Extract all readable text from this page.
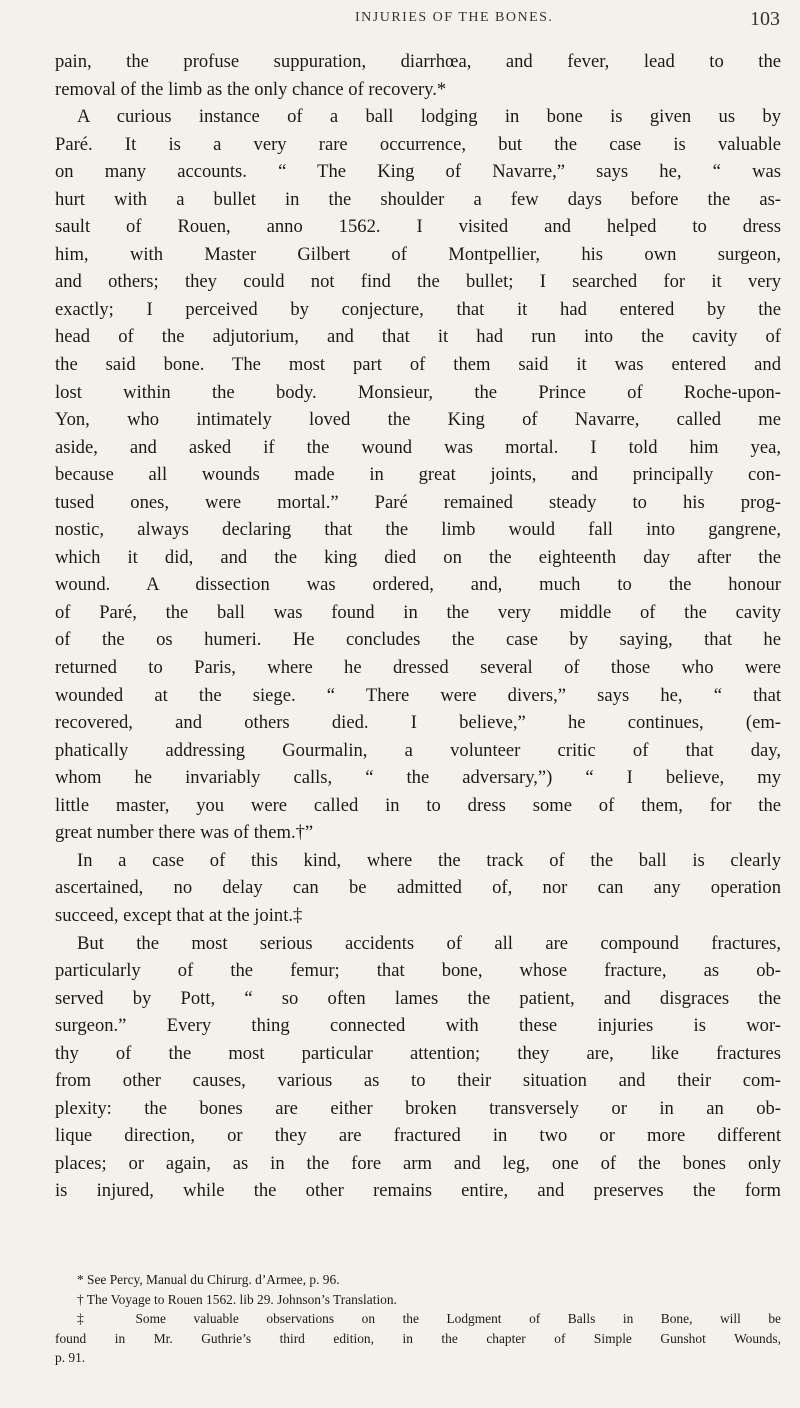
INJURIES OF THE BONES.	103
pain, the profuse suppuration, diarrhœa, and fever, lead to the
removal of the limb as the only chance of recovery.*
A curious instance of a ball lodging in bone is given us by
Paré. It is a very rare occurrence, but the case is valuable
on many accounts. “ The King of Navarre,” says he, “ was
hurt with a bullet in the shoulder a few days before the as-
sault of Rouen, anno 1562. I visited and helped to dress
him, with Master Gilbert of Montpellier, his own surgeon,
and others; they could not find the bullet; I searched for it very
exactly; I perceived by conjecture, that it had entered by the
head of the adjutorium, and that it had run into the cavity of
the said bone. The most part of them said it was entered and
lost within the body. Monsieur, the Prince of Roche-upon-
Yon, who intimately loved the King of Navarre, called me
aside, and asked if the wound was mortal. I told him yea,
because all wounds made in great joints, and principally con-
tused ones, were mortal.” Paré remained steady to his prog-
nostic, always declaring that the limb would fall into gangrene,
which it did, and the king died on the eighteenth day after the
wound. A dissection was ordered, and, much to the honour
of Paré, the ball was found in the very middle of the cavity
of the os humeri. He concludes the case by saying, that he
returned to Paris, where he dressed several of those who were
wounded at the siege. “ There were divers,” says he, “ that
recovered, and others died. I believe,” he continues, (em-
phatically addressing Gourmalin, a volunteer critic of that day,
whom he invariably calls, “ the adversary,”) “ I believe, my
little master, you were called in to dress some of them, for the
great number there was of them.†”
In a case of this kind, where the track of the ball is clearly
ascertained, no delay can be admitted of, nor can any operation
succeed, except that at the joint.‡
But the most serious accidents of all are compound fractures,
particularly of the femur; that bone, whose fracture, as ob-
served by Pott, “ so often lames the patient, and disgraces the
surgeon.” Every thing connected with these injuries is wor-
thy of the most particular attention; they are, like fractures
from other causes, various as to their situation and their com-
plexity: the bones are either broken transversely or in an ob-
lique direction, or they are fractured in two or more different
places; or again, as in the fore arm and leg, one of the bones only
is injured, while the other remains entire, and preserves the form
* See Percy, Manual du Chirurg. d’Armee, p. 96.
† The Voyage to Rouen 1562. lib 29. Johnson’s Translation.
‡ Some valuable observations on the Lodgment of Balls in Bone, will be
found in Mr. Guthrie’s third edition, in the chapter of Simple Gunshot Wounds,
p. 91.
